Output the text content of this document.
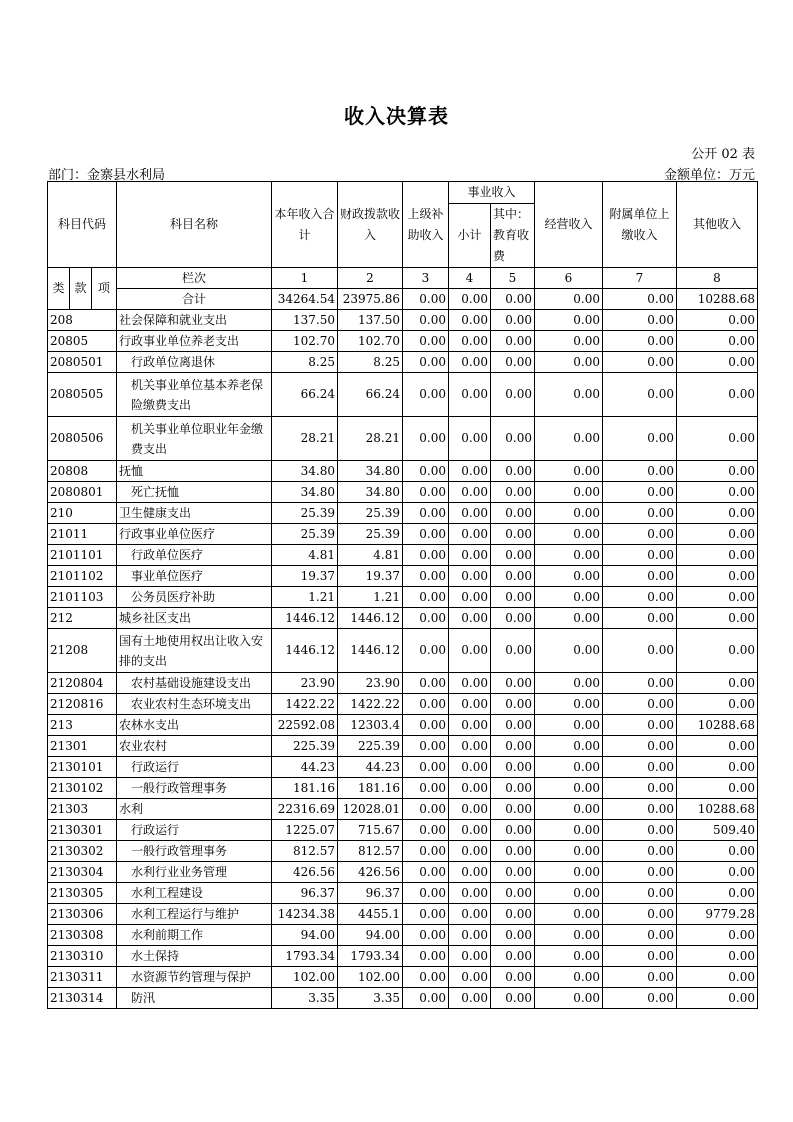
收入决算表
公开 02 表
部门：金寨县水利局	金额单位：万元
科目代码			科目名称	本年收入合计	财政拨款收入	上级补助收入	事业收入		经营收入	附属单位上缴收入	其他收入
							小计	其中：教育收费			

类	款	项	栏次	1	2	3	4	5	6	7	8
			合计	34264.54	23975.86	0.00	0.00	0.00	0.00	0.00	10288.68
208			社会保障和就业支出	137.50	137.50	0.00	0.00	0.00	0.00	0.00	0.00
20805			行政事业单位养老支出	102.70	102.70	0.00	0.00	0.00	0.00	0.00	0.00
2080501			行政单位离退休	8.25	8.25	0.00	0.00	0.00	0.00	0.00	0.00
2080505			机关事业单位基本养老保险缴费支出	66.24	66.24	0.00	0.00	0.00	0.00	0.00	0.00
2080506			机关事业单位职业年金缴费支出	28.21	28.21	0.00	0.00	0.00	0.00	0.00	0.00
20808			抚恤	34.80	34.80	0.00	0.00	0.00	0.00	0.00	0.00
2080801			死亡抚恤	34.80	34.80	0.00	0.00	0.00	0.00	0.00	0.00
210			卫生健康支出	25.39	25.39	0.00	0.00	0.00	0.00	0.00	0.00
21011			行政事业单位医疗	25.39	25.39	0.00	0.00	0.00	0.00	0.00	0.00
2101101			行政单位医疗	4.81	4.81	0.00	0.00	0.00	0.00	0.00	0.00
2101102			事业单位医疗	19.37	19.37	0.00	0.00	0.00	0.00	0.00	0.00
2101103			公务员医疗补助	1.21	1.21	0.00	0.00	0.00	0.00	0.00	0.00
212			城乡社区支出	1446.12	1446.12	0.00	0.00	0.00	0.00	0.00	0.00
21208			国有土地使用权出让收入安排的支出	1446.12	1446.12	0.00	0.00	0.00	0.00	0.00	0.00
2120804			农村基础设施建设支出	23.90	23.90	0.00	0.00	0.00	0.00	0.00	0.00
2120816			农业农村生态环境支出	1422.22	1422.22	0.00	0.00	0.00	0.00	0.00	0.00
213			农林水支出	22592.08	12303.4	0.00	0.00	0.00	0.00	0.00	10288.68
21301			农业农村	225.39	225.39	0.00	0.00	0.00	0.00	0.00	0.00
2130101			行政运行	44.23	44.23	0.00	0.00	0.00	0.00	0.00	0.00
2130102			一般行政管理事务	181.16	181.16	0.00	0.00	0.00	0.00	0.00	0.00
21303			水利	22316.69	12028.01	0.00	0.00	0.00	0.00	0.00	10288.68
2130301			行政运行	1225.07	715.67	0.00	0.00	0.00	0.00	0.00	509.40
2130302			一般行政管理事务	812.57	812.57	0.00	0.00	0.00	0.00	0.00	0.00
2130304			水利行业业务管理	426.56	426.56	0.00	0.00	0.00	0.00	0.00	0.00
2130305			水利工程建设	96.37	96.37	0.00	0.00	0.00	0.00	0.00	0.00
2130306			水利工程运行与维护	14234.38	4455.1	0.00	0.00	0.00	0.00	0.00	9779.28
2130308			水利前期工作	94.00	94.00	0.00	0.00	0.00	0.00	0.00	0.00
2130310			水土保持	1793.34	1793.34	0.00	0.00	0.00	0.00	0.00	0.00
2130311			水资源节约管理与保护	102.00	102.00	0.00	0.00	0.00	0.00	0.00	0.00
2130314			防汛	3.35	3.35	0.00	0.00	0.00	0.00	0.00	0.00
